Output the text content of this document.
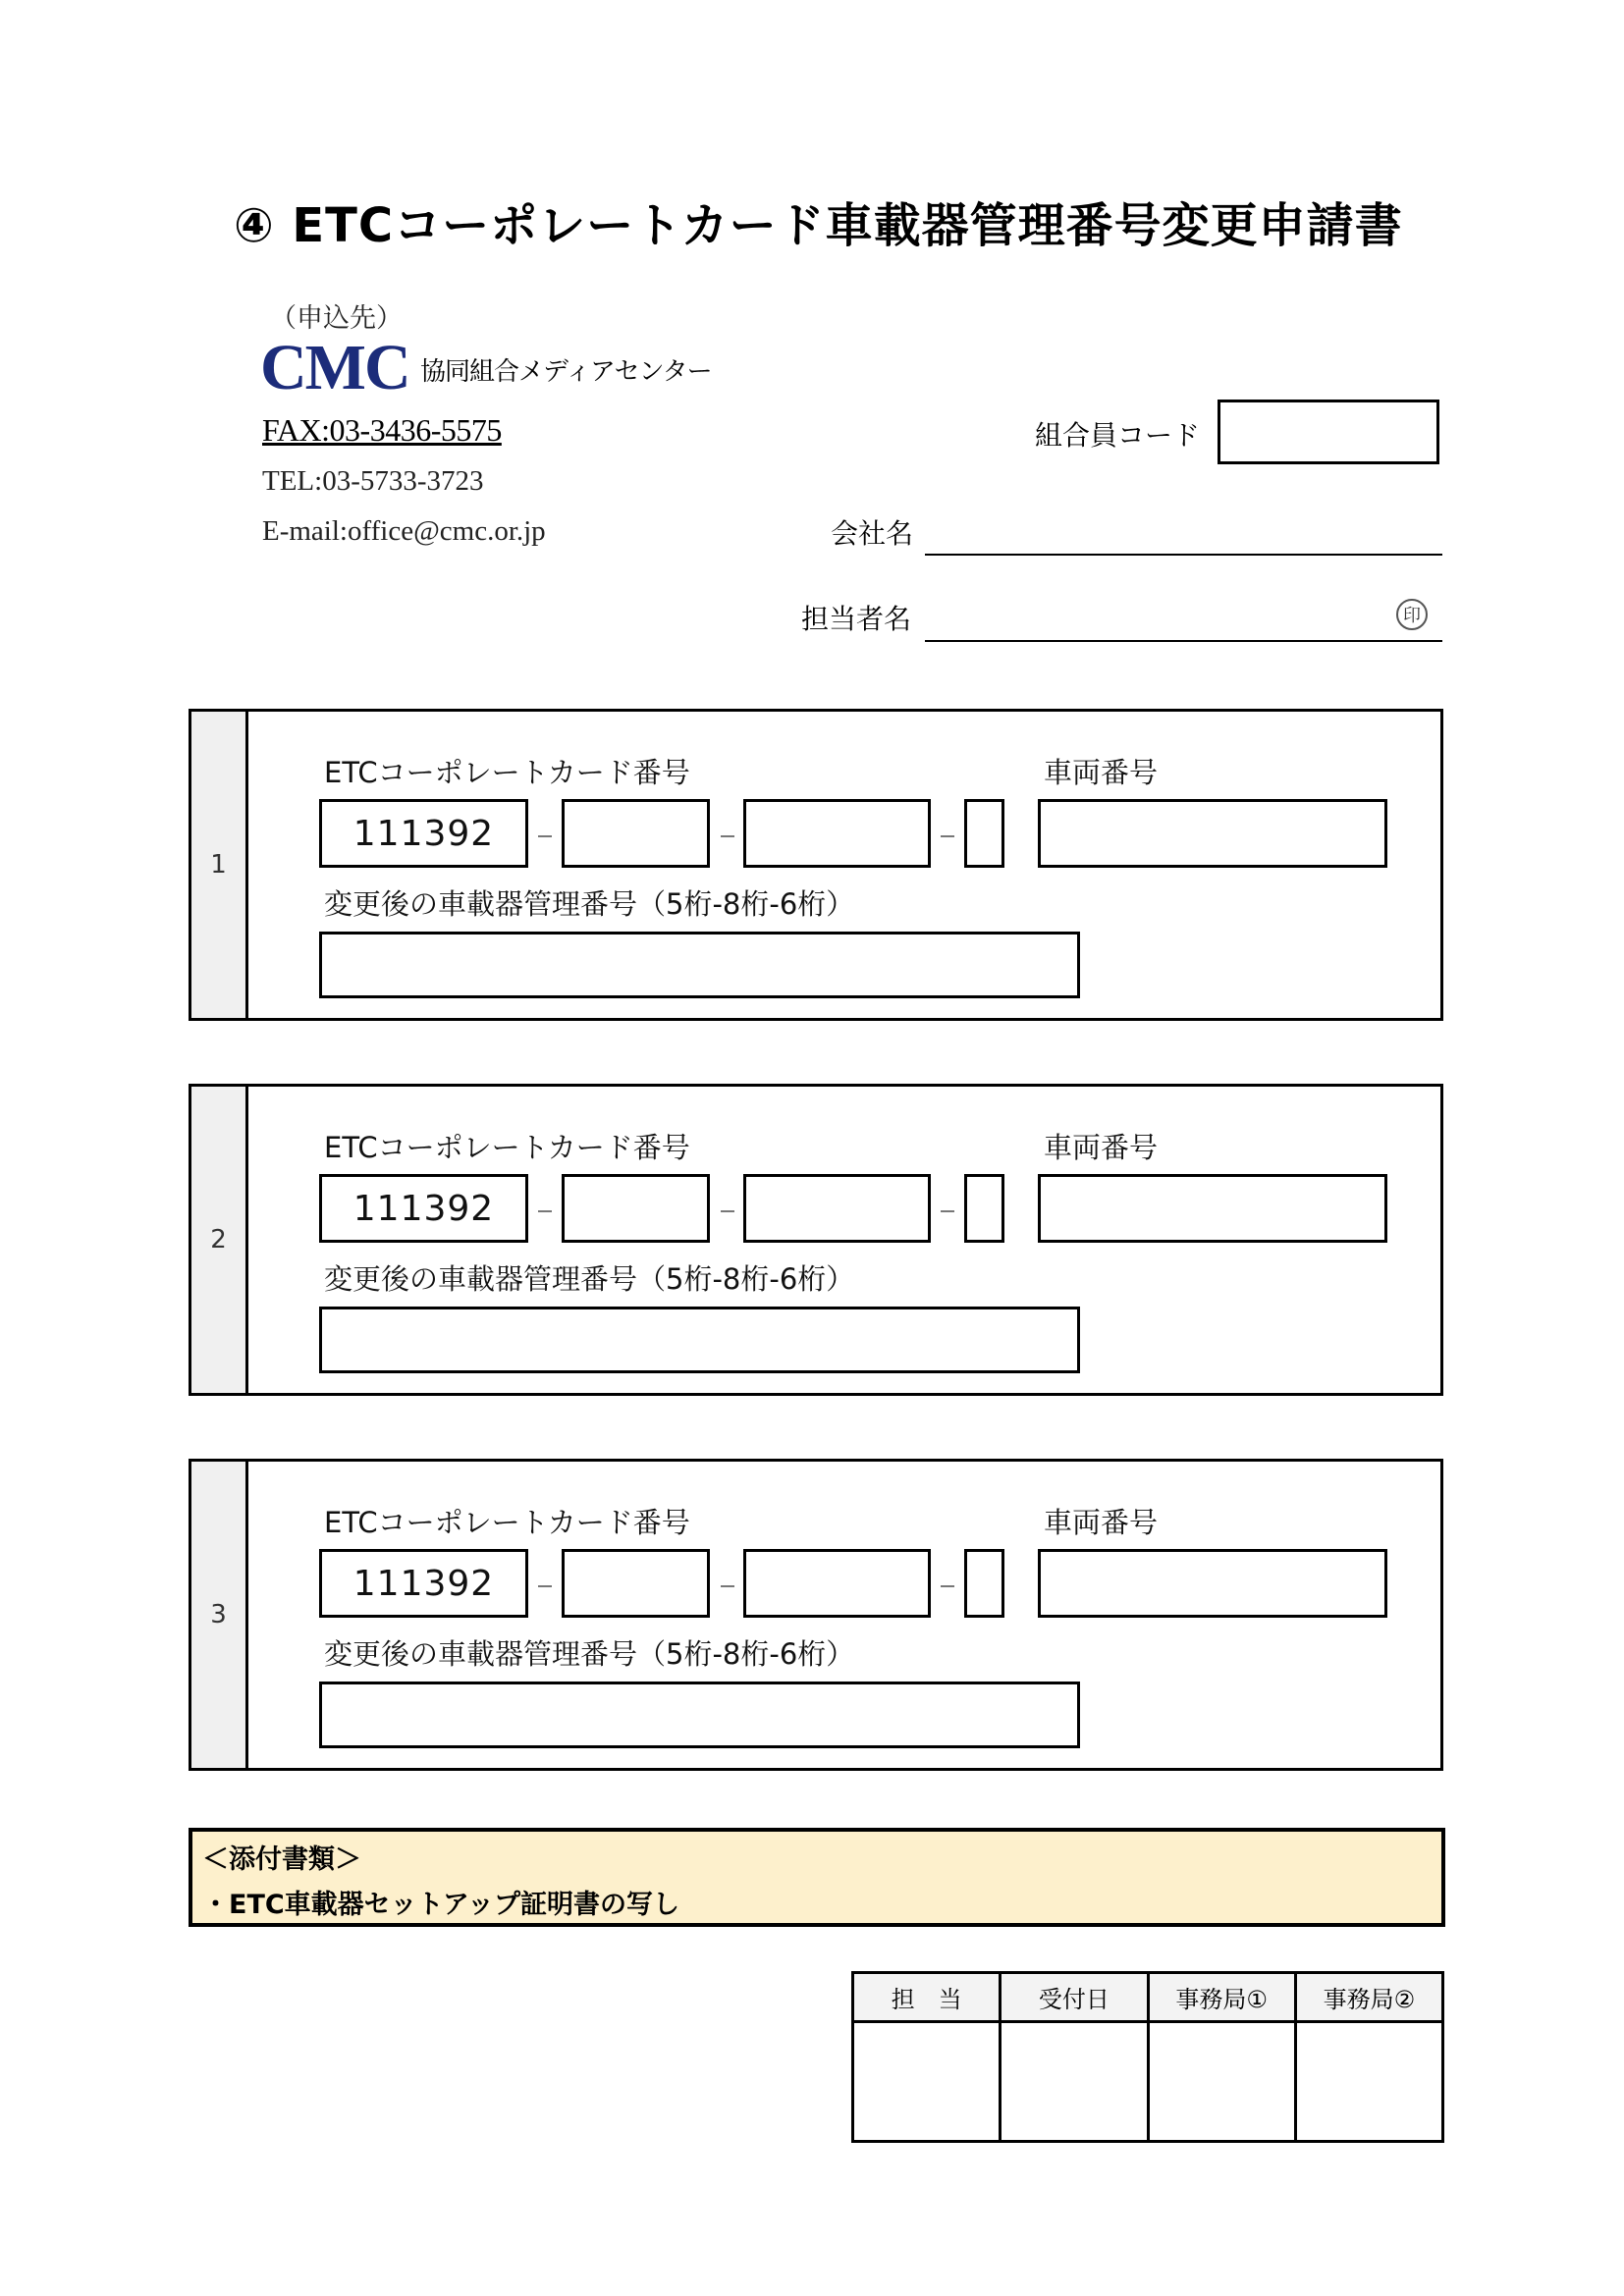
④ ETCコーポレートカード車載器管理番号変更申請書
（申込先）
CMC 協同組合メディアセンター
FAX:03-3436-5575
TEL:03-5733-3723
E-mail:office@cmc.or.jp
組合員コード
会社名
担当者名	印
1
ETCコーポレートカード番号	車両番号
111392
変更後の車載器管理番号（5桁-8桁-6桁）
2
ETCコーポレートカード番号	車両番号
111392
変更後の車載器管理番号（5桁-8桁-6桁）
3
ETCコーポレートカード番号	車両番号
111392
変更後の車載器管理番号（5桁-8桁-6桁）
＜添付書類＞
・ETC車載器セットアップ証明書の写し
担　当	受付日	事務局①	事務局②
